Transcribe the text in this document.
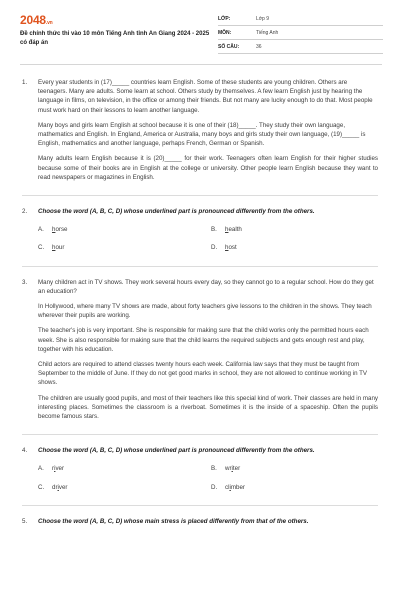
2048.vn
Đề chính thức thi vào 10 môn Tiếng Anh tỉnh An Giang 2024 - 2025 có đáp án
LỚP:	Lớp 9
MÔN:	Tiếng Anh
SỐ CÂU:	36
1.	Every year students in (17)_____ countries learn English. Some of these students are young children. Others are teenagers. Many are adults. Some learn at school. Others study by themselves. A few learn English just by hearing the language in films, on television, in the office or among their friends. But not many are lucky enough to do that. Most people must work hard on their lessons to learn another language.

Many boys and girls learn English at school because it is one of their (18)_____. They study their own language, mathematics and English. In England, America or Australia, many boys and girls study their own language, (19)_____ is English, mathematics and another language, perhaps French, German or Spanish.

Many adults learn English because it is (20)_____ for their work. Teenagers often learn English for their higher studies because some of their books are in English at the college or university. Other people learn English because they want to read newspapers or magazines in English.

2.	Choose the word (A, B, C, D) whose underlined part is pronounced differently from the others.

A. horse	B. health
C. hour	D. host
3.	Many children act in TV shows. They work several hours every day, so they cannot go to a regular school. How do they get an education?

In Hollywood, where many TV shows are made, about forty teachers give lessons to the children in the shows. They teach wherever their pupils are working.

The teacher's job is very important. She is responsible for making sure that the child works only the permitted hours each week. She is also responsible for making sure that the child learns the required subjects and gets enough rest and play, together with his education.

Child actors are required to attend classes twenty hours each week. California law says that they must be taught from September to the middle of June. If they do not get good marks in school, they are not allowed to continue working in TV shows.

The children are usually good pupils, and most of their teachers like this special kind of work. Their classes are held in many interesting places. Sometimes the classroom is a riverboat. Sometimes it is the inside of a spaceship. Often the pupils become famous stars.

4.	Choose the word (A, B, C, D) whose underlined part is pronounced differently from the others.

A. river	B. writer
C. driver	D. climber
5.	Choose the word (A, B, C, D) whose main stress is placed differently from that of the others.
